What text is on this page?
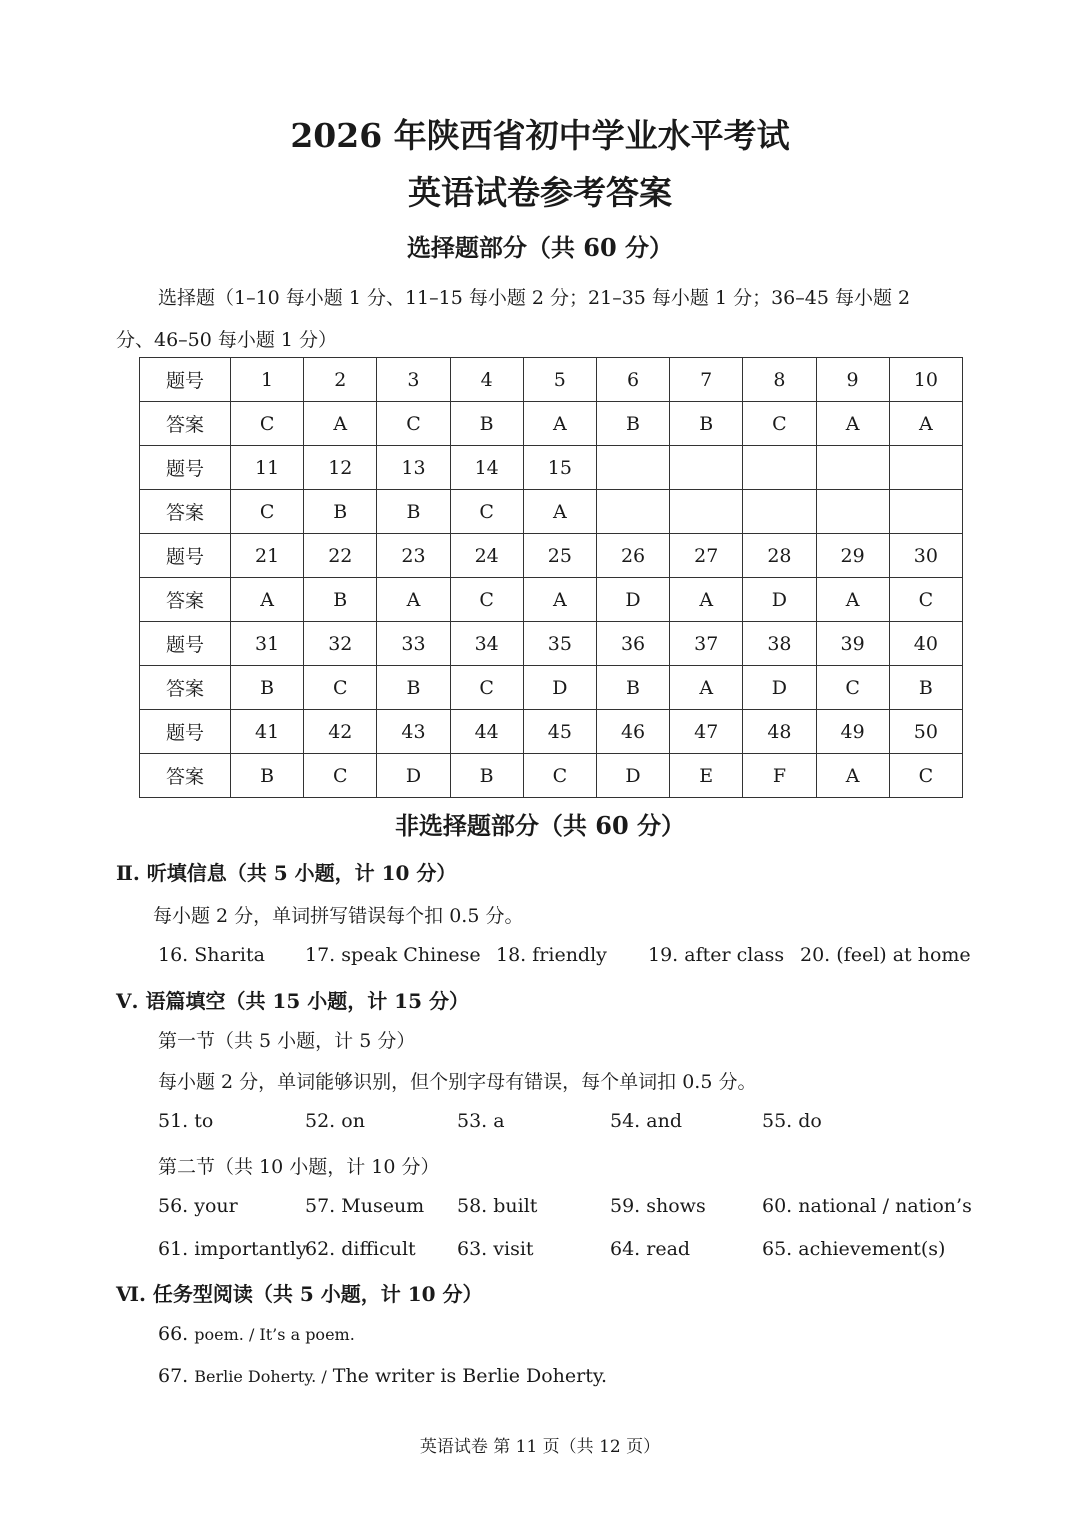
2026 年陕西省初中学业水平考试
英语试卷参考答案
选择题部分（共 60 分）
选择题（1–10 每小题 1 分、11–15 每小题 2 分；21–35 每小题 1 分；36–45 每小题 2
分、46–50 每小题 1 分）
题号	1	2	3	4	5	6	7	8	9	10
答案	C	A	C	B	A	B	B	C	A	A
题号	11	12	13	14	15					
答案	C	B	B	C	A					
题号	21	22	23	24	25	26	27	28	29	30
答案	A	B	A	C	A	D	A	D	A	C
题号	31	32	33	34	35	36	37	38	39	40
答案	B	C	B	C	D	B	A	D	C	B
题号	41	42	43	44	45	46	47	48	49	50
答案	B	C	D	B	C	D	E	F	A	C
非选择题部分（共 60 分）
Ⅱ. 听填信息（共 5 小题，计 10 分）
每小题 2 分，单词拼写错误每个扣 0.5 分。
16. Sharita 17. speak Chinese 18. friendly 19. after class 20. (feel) at home
Ⅴ. 语篇填空（共 15 小题，计 15 分）
第一节（共 5 小题，计 5 分）
每小题 2 分，单词能够识别，但个别字母有错误，每个单词扣 0.5 分。
51. to	52. on	53. a	54. and	55. do
第二节（共 10 小题，计 10 分）
56. your	57. Museum 58. built	59. shows	60. national / nation’s
61. importantly
62. difficult 63. visit	64. read	65. achievement(s)
Ⅵ. 任务型阅读（共 5 小题，计 10 分）
66. poem. / It’s a poem.
67. Berlie Doherty. / The writer is Berlie Doherty.
英语试卷 第 11 页（共 12 页）
